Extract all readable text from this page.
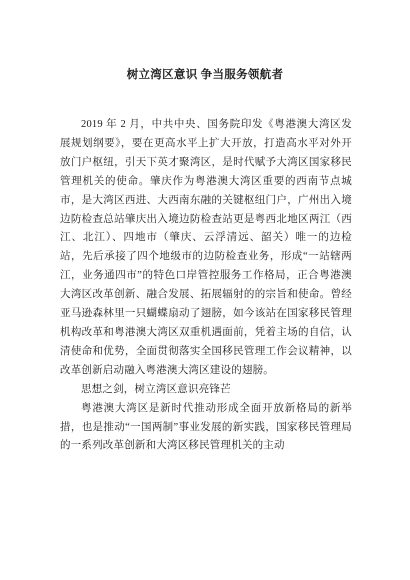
树立湾区意识 争当服务领航者

2019 年 2 月，中共中央、国务院印发《粤港澳大湾区发展规划纲要》，要在更高水平上扩大开放，打造高水平对外开放门户枢纽，引天下英才聚湾区，是时代赋予大湾区国家移民管理机关的使命。肇庆作为粤港澳大湾区重要的西南节点城市，是大湾区西进、大西南东融的关键枢纽门户，广州出入境边防检查总站肇庆出入境边防检查站更是粤西北地区两江（西江、北江）、四地市（肇庆、云浮清远、韶关）唯一的边检站，先后承接了四个地级市的边防检查业务，形成“一站辖两江，业务通四市”的特色口岸管控服务工作格局，正合粤港澳大湾区改革创新、融合发展、拓展辐射的的宗旨和使命。曾经亚马逊森林里一只蝴蝶扇动了翅膀，如今该站在国家移民管理机构改革和粤港澳大湾区双重机遇面前，凭着主场的自信，认清使命和优势，全面贯彻落实全国移民管理工作会议精神，以改革创新启动融入粤港澳大湾区建设的翅膀。

思想之剑，树立湾区意识亮锋芒

粤港澳大湾区是新时代推动形成全面开放新格局的新举措，也是推动“一国两制”事业发展的新实践，国家移民管理局的一系列改革创新和大湾区移民管理机关的主动
